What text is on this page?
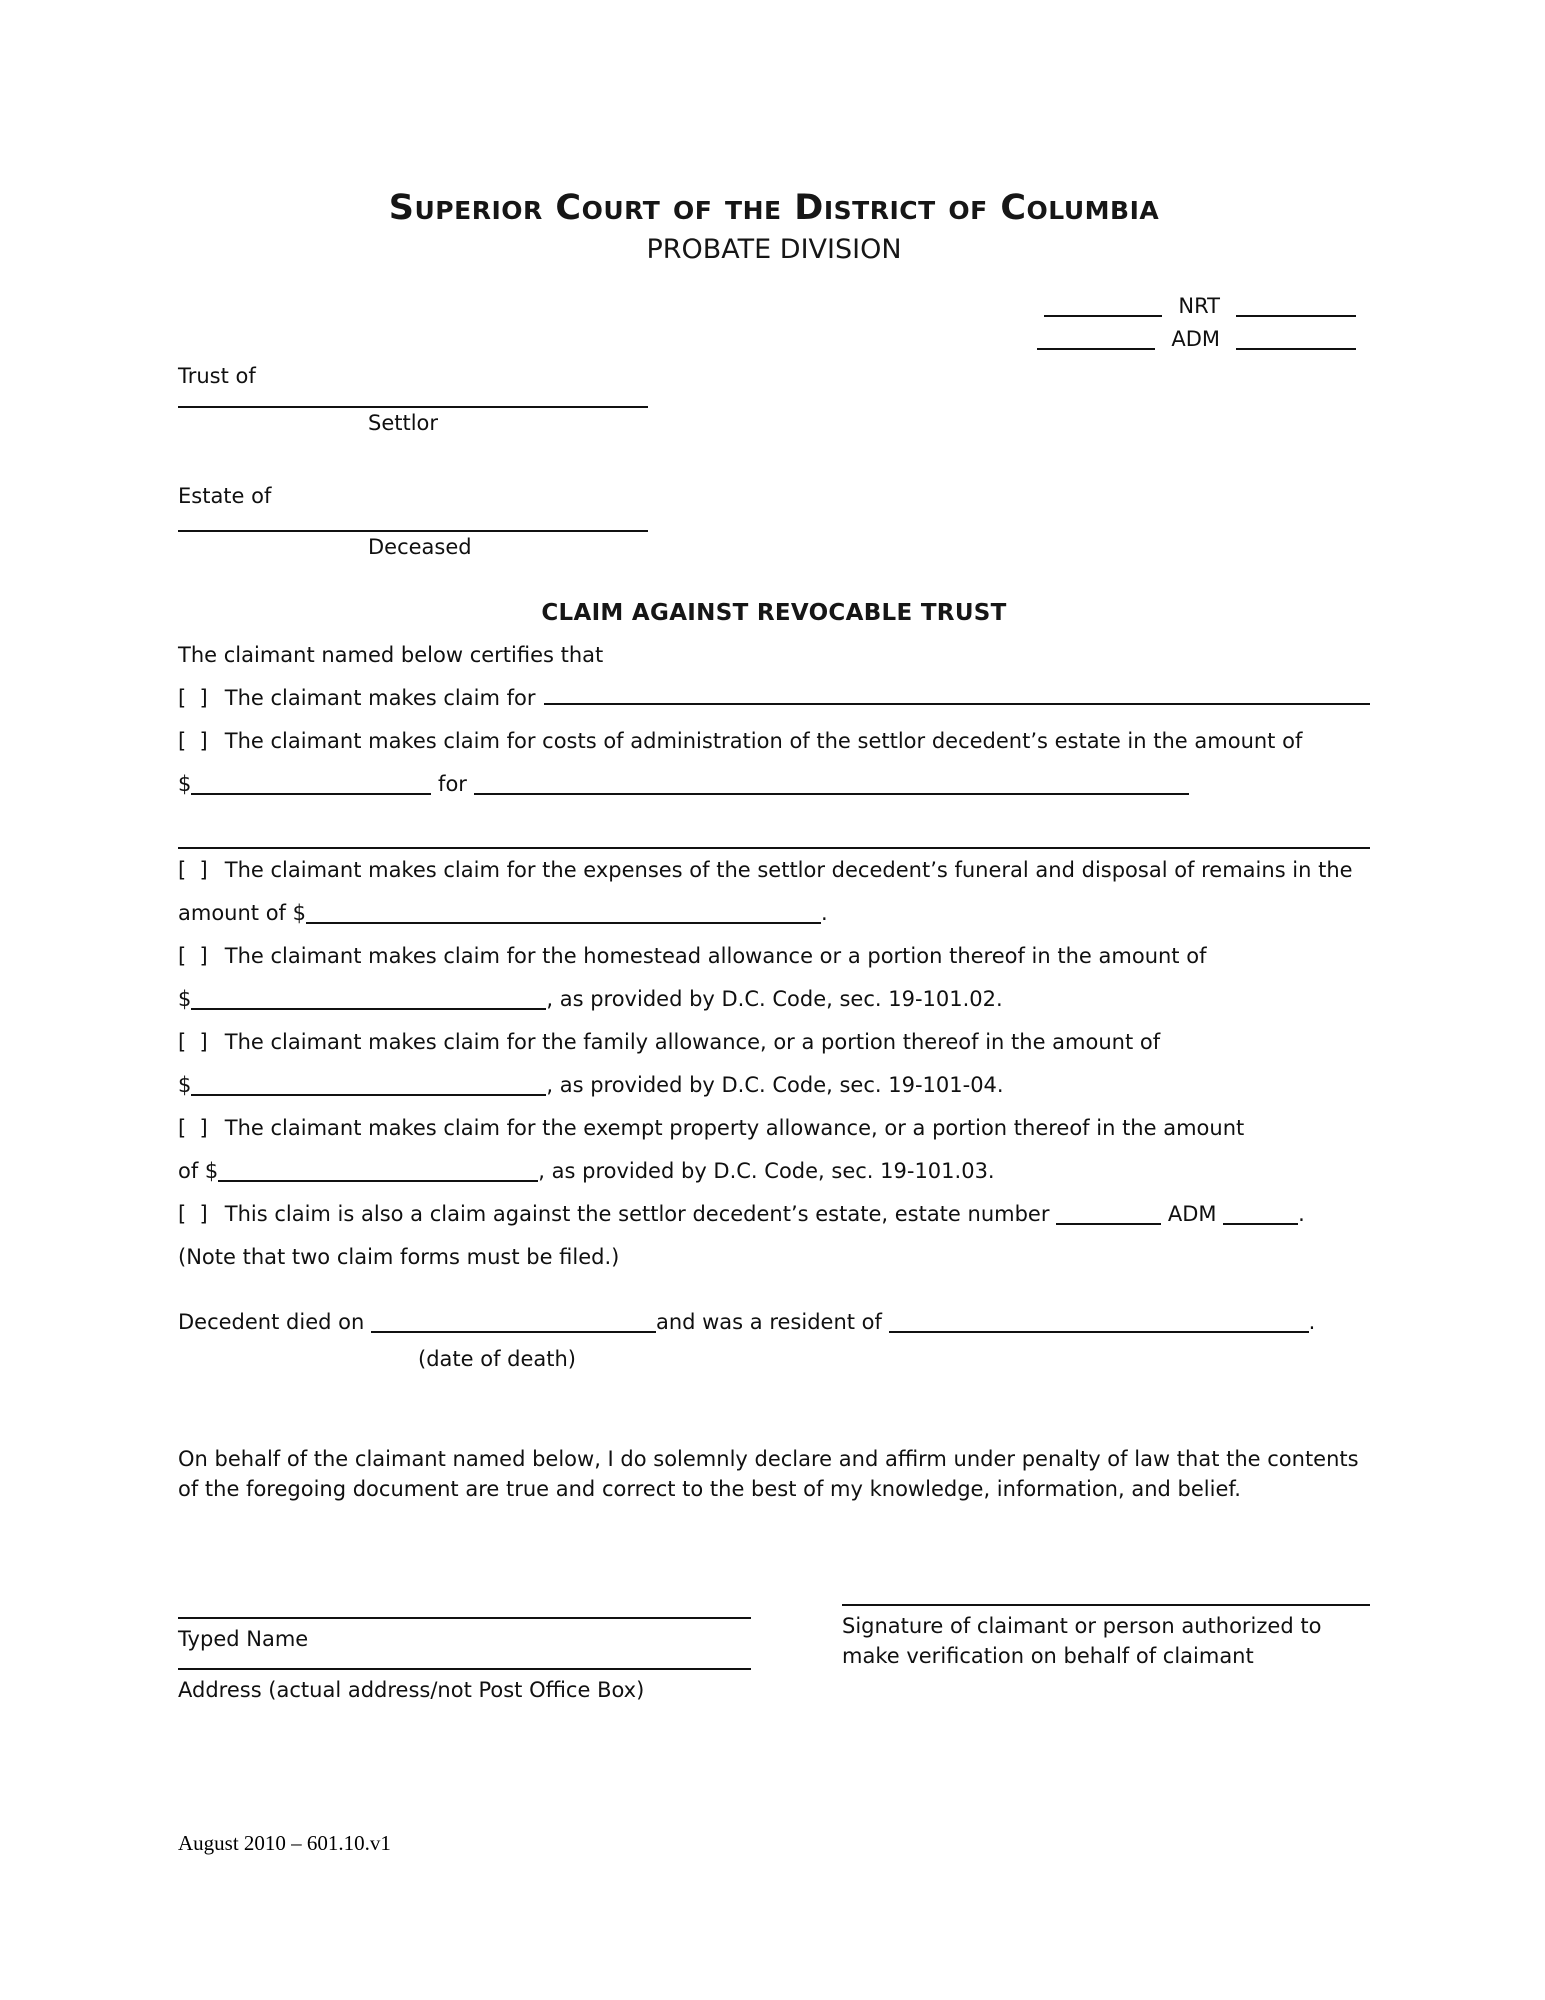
Superior Court of the District of Columbia
PROBATE DIVISION
NRT
ADM
Trust of
Settlor
Estate of
Deceased
CLAIM AGAINST REVOCABLE TRUST

The claimant named below certifies that

[  ] The claimant makes claim for

[  ] The claimant makes claim for costs of administration of the settlor decedent’s estate in the amount of $	for

[  ] The claimant makes claim for the expenses of the settlor decedent’s funeral and disposal of remains in the amount of $	.

[  ] The claimant makes claim for the homestead allowance or a portion thereof in the amount of $	, as provided by D.C. Code, sec. 19-101.02.

[  ] The claimant makes claim for the family allowance, or a portion thereof in the amount of $	, as provided by D.C. Code, sec. 19-101-04.

[  ] The claimant makes claim for the exempt property allowance, or a portion thereof in the amount of $	, as provided by D.C. Code, sec. 19-101.03.

[  ] This claim is also a claim against the settlor decedent’s estate, estate number	ADM	.  (Note that two claim forms must be filed.)

Decedent died on	and was a resident of	.

(date of death)

On behalf of the claimant named below, I do solemnly declare and affirm under penalty of law that the contents of the foregoing document are true and correct to the best of my knowledge, information, and belief.

Typed Name
Address (actual address/not Post Office Box)
Signature of claimant or person authorized to make verification on behalf of claimant
August 2010 – 601.10.v1
